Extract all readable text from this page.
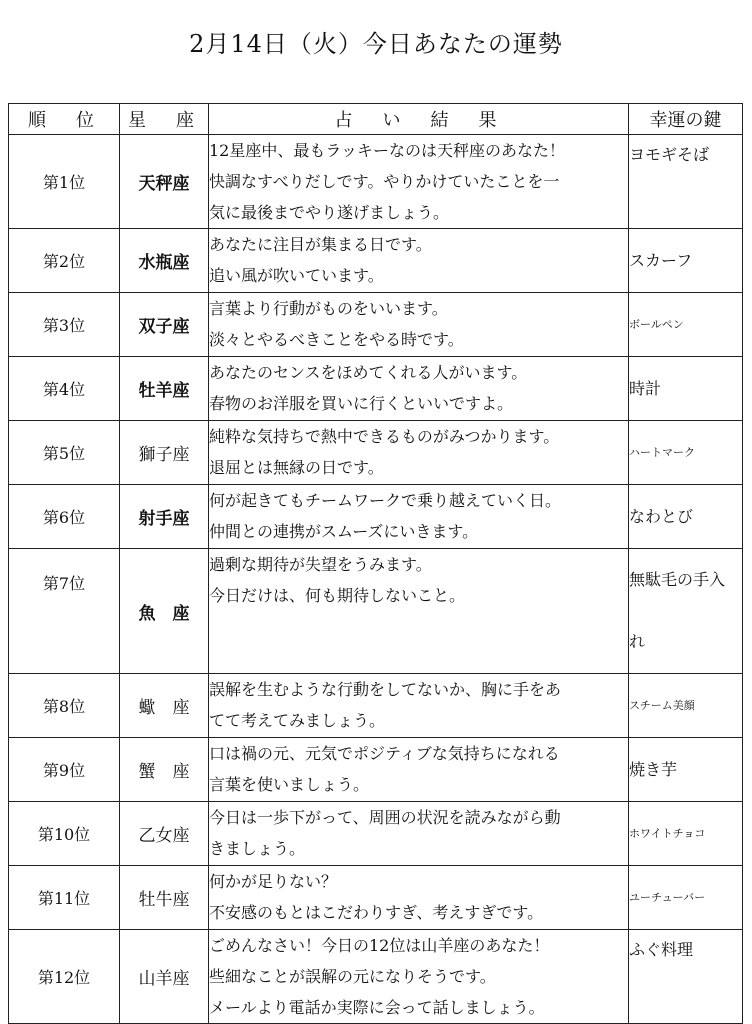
2月14日（火）今日あなたの運勢
順　位	星　座	占　い　結　果	幸運の鍵
第1位	天秤座	12星座中、最もラッキーなのは天秤座のあなた！
快調なすべりだしです。やりかけていたことを一
気に最後までやり遂げましょう。	ヨモギそば
第2位	水瓶座	あなたに注目が集まる日です。
追い風が吹いています。	スカーフ
第3位	双子座	言葉より行動がものをいいます。
淡々とやるべきことをやる時です。	ボールペン
第4位	牡羊座	あなたのセンスをほめてくれる人がいます。
春物のお洋服を買いに行くといいですよ。	時計
第5位	獅子座	純粋な気持ちで熱中できるものがみつかります。
退屈とは無縁の日です。	ハートマーク
第6位	射手座	何が起きてもチームワークで乗り越えていく日。
仲間との連携がスムーズにいきます。	なわとび
第7位	魚　座	過剰な期待が失望をうみます。
今日だけは、何も期待しないこと。	無駄毛の手入れ
第8位	蠍　座	誤解を生むような行動をしてないか、胸に手をあ
てて考えてみましょう。	スチーム美顔
第9位	蟹　座	口は禍の元、元気でポジティブな気持ちになれる
言葉を使いましょう。	焼き芋
第10位	乙女座	今日は一歩下がって、周囲の状況を読みながら動
きましょう。	ホワイトチョコ
第11位	牡牛座	何かが足りない？
不安感のもとはこだわりすぎ、考えすぎです。	ユーチューバー
第12位	山羊座	ごめんなさい！今日の12位は山羊座のあなた！
些細なことが誤解の元になりそうです。
メールより電話か実際に会って話しましょう。	ふぐ料理
